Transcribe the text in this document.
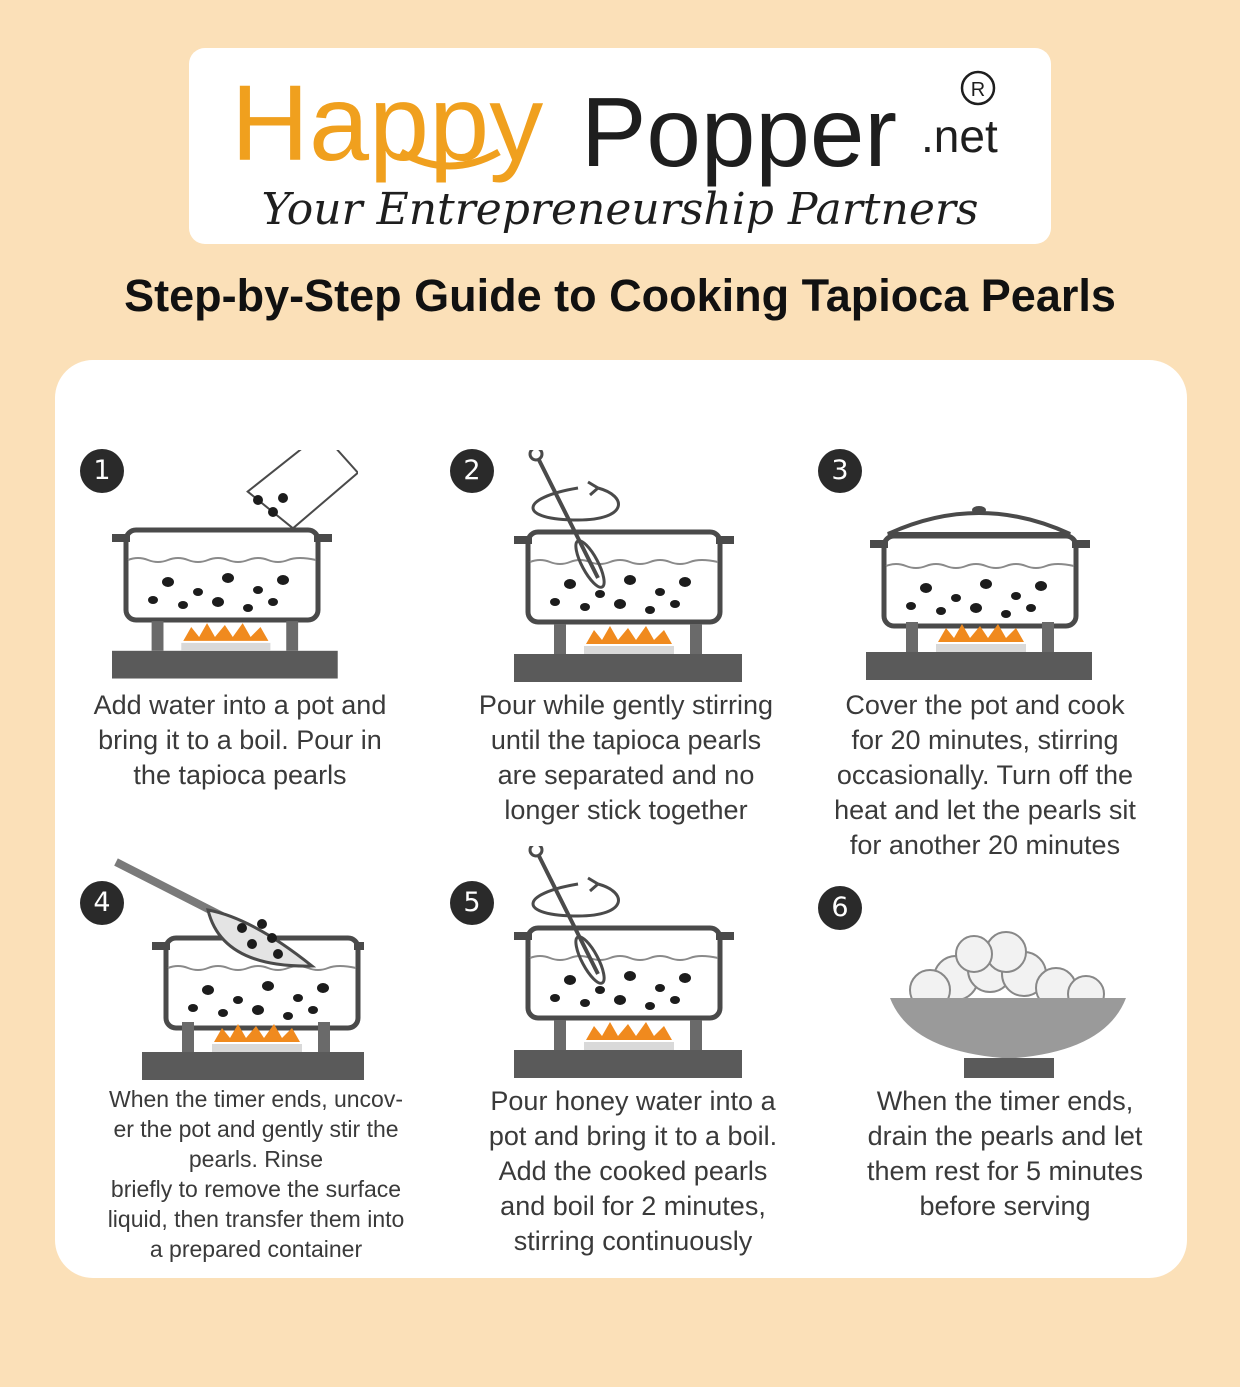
Happy Popper .net
R
Your Entrepreneurship Partners
Step-by-Step Guide to Cooking Tapioca Pearls
1
Add water into a pot and
bring it to a boil. Pour in
the tapioca pearls
2
Pour while gently stirring
until the tapioca pearls
are separated and no
longer stick together
3
Cover the pot and cook
for 20 minutes, stirring
occasionally. Turn off the
heat and let the pearls sit
for another 20 minutes
4
When the timer ends, uncov-
er the pot and gently stir the
pearls. Rinse
briefly to remove the surface
liquid, then transfer them into
a prepared container
5
Pour honey water into a
pot and bring it to a boil.
Add the cooked pearls
and boil for 2 minutes,
stirring continuously
6
When the timer ends,
drain the pearls and let
them rest for 5 minutes
before serving
